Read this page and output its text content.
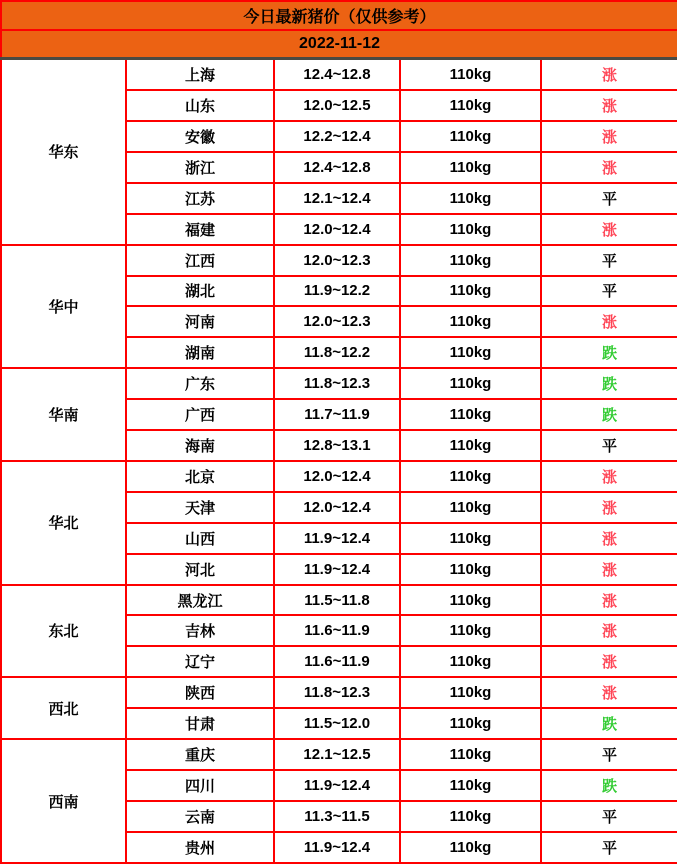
今日最新猪价（仅供参考）				
2022-11-12				
华东	上海	12.4~12.8	110kg	涨
	山东	12.0~12.5	110kg	涨
	安徽	12.2~12.4	110kg	涨
	浙江	12.4~12.8	110kg	涨
	江苏	12.1~12.4	110kg	平
	福建	12.0~12.4	110kg	涨
华中	江西	12.0~12.3	110kg	平
	湖北	11.9~12.2	110kg	平
	河南	12.0~12.3	110kg	涨
	湖南	11.8~12.2	110kg	跌
华南	广东	11.8~12.3	110kg	跌
	广西	11.7~11.9	110kg	跌
	海南	12.8~13.1	110kg	平
华北	北京	12.0~12.4	110kg	涨
	天津	12.0~12.4	110kg	涨
	山西	11.9~12.4	110kg	涨
	河北	11.9~12.4	110kg	涨
东北	黑龙江	11.5~11.8	110kg	涨
	吉林	11.6~11.9	110kg	涨
	辽宁	11.6~11.9	110kg	涨
西北	陕西	11.8~12.3	110kg	涨
	甘肃	11.5~12.0	110kg	跌
西南	重庆	12.1~12.5	110kg	平
	四川	11.9~12.4	110kg	跌
	云南	11.3~11.5	110kg	平
	贵州	11.9~12.4	110kg	平
